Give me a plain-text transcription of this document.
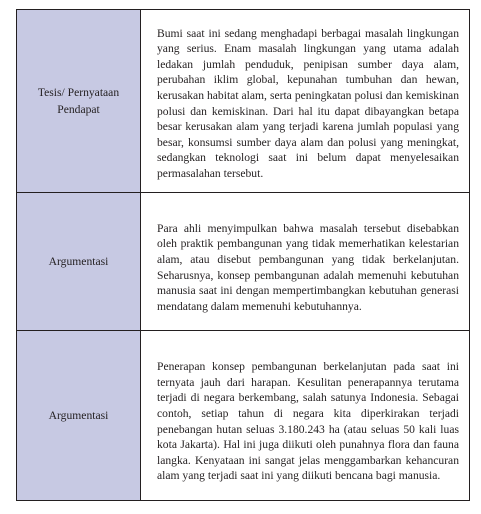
Tesis/ Pernyataan Pendapat	Bumi saat ini sedang menghadapi berbagai masalah lingkungan yang serius. Enam masalah lingkungan yang utama adalah ledakan jumlah penduduk, penipisan sumber daya alam, perubahan iklim global, kepunahan tumbuhan dan hewan, kerusakan habitat alam, serta peningkatan polusi dan kemiskinan polusi dan kemiskinan. Dari hal itu dapat dibayangkan betapa besar kerusakan alam yang terjadi karena jumlah populasi yang besar, konsumsi sumber daya alam dan polusi yang meningkat, sedangkan teknologi saat ini belum dapat menyelesaikan permasalahan tersebut.
Argumentasi	Para ahli menyimpulkan bahwa masalah tersebut disebabkan oleh praktik pembangunan yang tidak memerhatikan kelestarian alam, atau disebut pembangunan yang tidak berkelanjutan. Seharusnya, konsep pembangunan adalah memenuhi kebutuhan manusia saat ini dengan mempertimbangkan kebutuhan generasi mendatang dalam memenuhi kebutuhannya.
Argumentasi	Penerapan konsep pembangunan berkelanjutan pada saat ini ternyata jauh dari harapan. Kesulitan penerapannya terutama terjadi di negara berkembang, salah satunya Indonesia. Sebagai contoh, setiap tahun di negara kita diperkirakan terjadi penebangan hutan seluas 3.180.243 ha (atau seluas 50 kali luas kota Jakarta). Hal ini juga diikuti oleh punahnya flora dan fauna langka. Kenyataan ini sangat jelas menggambarkan kehancuran alam yang terjadi saat ini yang diikuti bencana bagi manusia.
